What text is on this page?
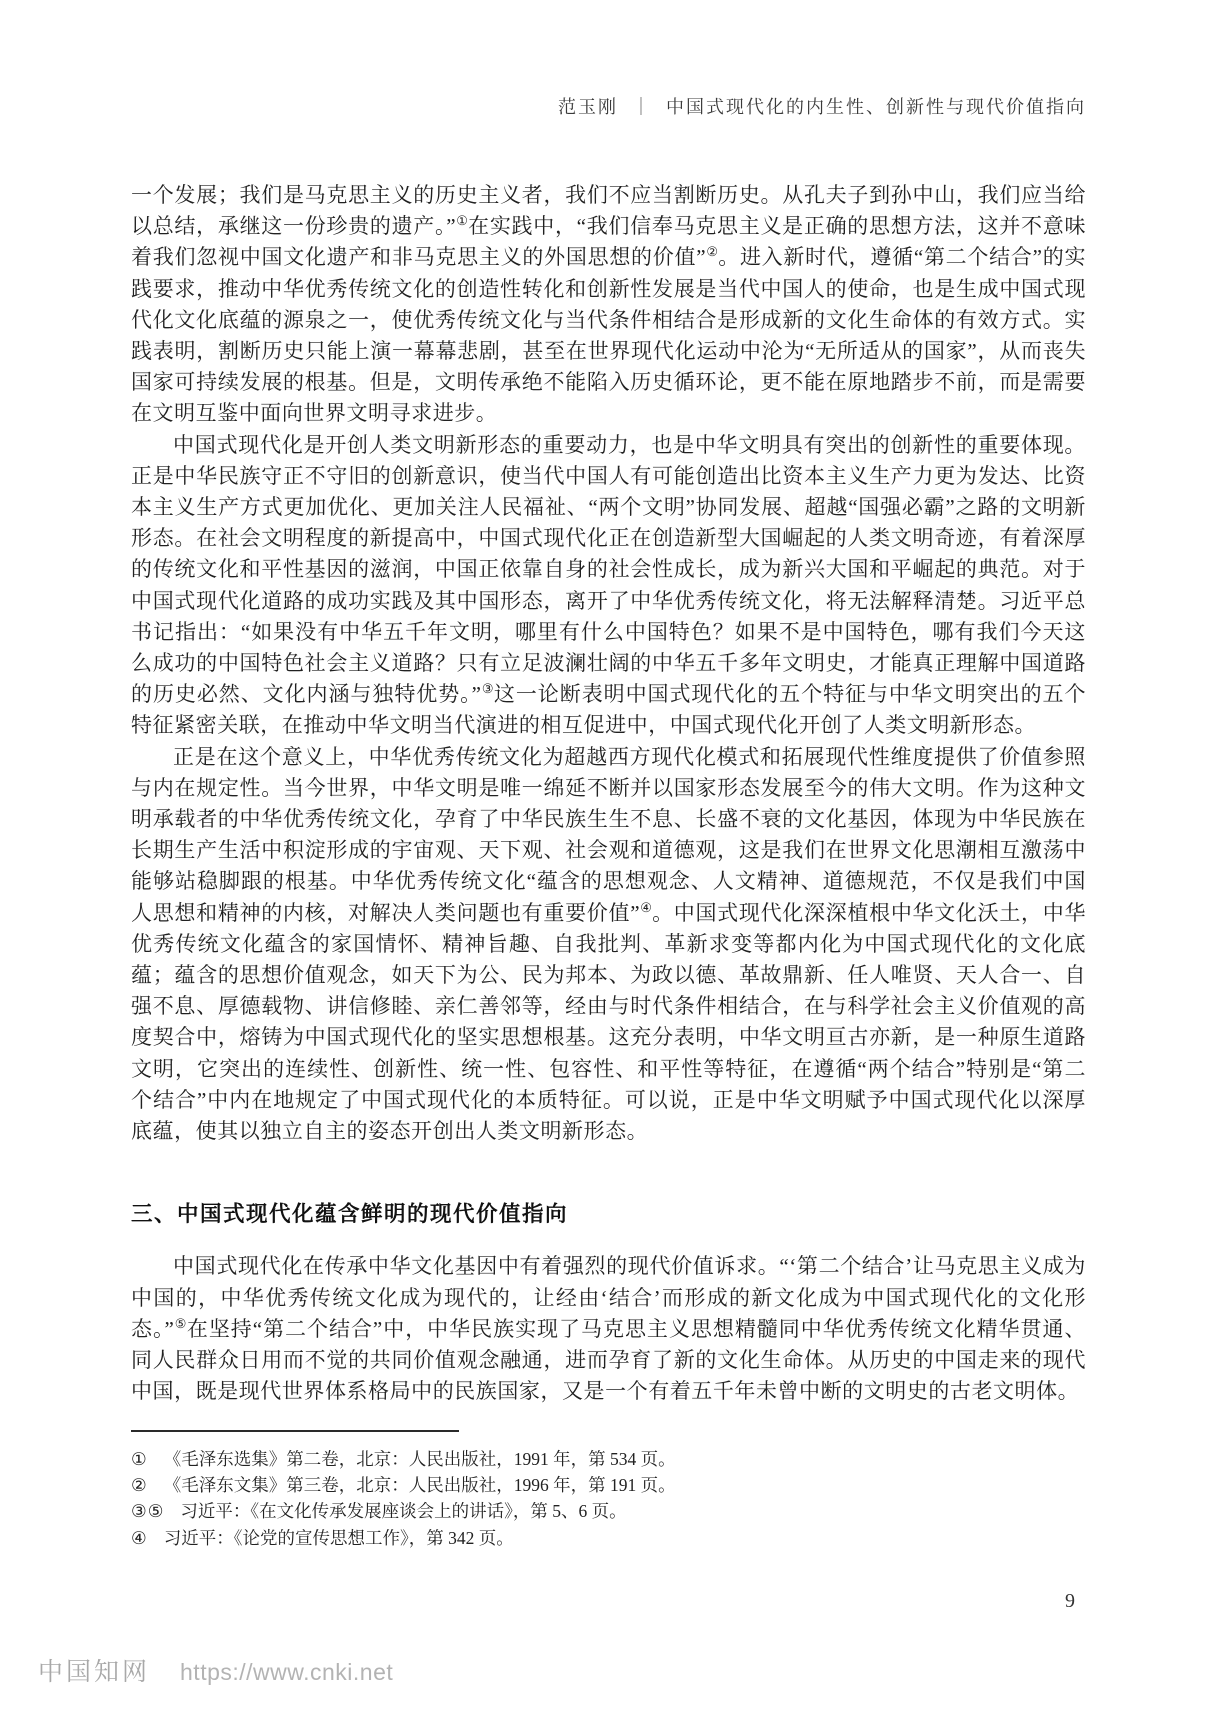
范玉刚 ｜ 中国式现代化的内生性、创新性与现代价值指向

一个发展；我们是马克思主义的历史主义者，我们不应当割断历史。从孔夫子到孙中山，我们应当给以总结，承继这一份珍贵的遗产。”①在实践中，“我们信奉马克思主义是正确的思想方法，这并不意味着我们忽视中国文化遗产和非马克思主义的外国思想的价值”②。进入新时代，遵循“第二个结合”的实践要求，推动中华优秀传统文化的创造性转化和创新性发展是当代中国人的使命，也是生成中国式现代化文化底蕴的源泉之一，使优秀传统文化与当代条件相结合是形成新的文化生命体的有效方式。实践表明，割断历史只能上演一幕幕悲剧，甚至在世界现代化运动中沦为“无所适从的国家”，从而丧失国家可持续发展的根基。但是，文明传承绝不能陷入历史循环论，更不能在原地踏步不前，而是需要在文明互鉴中面向世界文明寻求进步。

中国式现代化是开创人类文明新形态的重要动力，也是中华文明具有突出的创新性的重要体现。正是中华民族守正不守旧的创新意识，使当代中国人有可能创造出比资本主义生产力更为发达、比资本主义生产方式更加优化、更加关注人民福祉、“两个文明”协同发展、超越“国强必霸”之路的文明新形态。在社会文明程度的新提高中，中国式现代化正在创造新型大国崛起的人类文明奇迹，有着深厚的传统文化和平性基因的滋润，中国正依靠自身的社会性成长，成为新兴大国和平崛起的典范。对于中国式现代化道路的成功实践及其中国形态，离开了中华优秀传统文化，将无法解释清楚。习近平总书记指出：“如果没有中华五千年文明，哪里有什么中国特色？如果不是中国特色，哪有我们今天这么成功的中国特色社会主义道路？只有立足波澜壮阔的中华五千多年文明史，才能真正理解中国道路的历史必然、文化内涵与独特优势。”③这一论断表明中国式现代化的五个特征与中华文明突出的五个特征紧密关联，在推动中华文明当代演进的相互促进中，中国式现代化开创了人类文明新形态。

正是在这个意义上，中华优秀传统文化为超越西方现代化模式和拓展现代性维度提供了价值参照与内在规定性。当今世界，中华文明是唯一绵延不断并以国家形态发展至今的伟大文明。作为这种文明承载者的中华优秀传统文化，孕育了中华民族生生不息、长盛不衰的文化基因，体现为中华民族在长期生产生活中积淀形成的宇宙观、天下观、社会观和道德观，这是我们在世界文化思潮相互激荡中能够站稳脚跟的根基。中华优秀传统文化“蕴含的思想观念、人文精神、道德规范，不仅是我们中国人思想和精神的内核，对解决人类问题也有重要价值”④。中国式现代化深深植根中华文化沃土，中华优秀传统文化蕴含的家国情怀、精神旨趣、自我批判、革新求变等都内化为中国式现代化的文化底蕴；蕴含的思想价值观念，如天下为公、民为邦本、为政以德、革故鼎新、任人唯贤、天人合一、自强不息、厚德载物、讲信修睦、亲仁善邻等，经由与时代条件相结合，在与科学社会主义价值观的高度契合中，熔铸为中国式现代化的坚实思想根基。这充分表明，中华文明亘古亦新，是一种原生道路文明，它突出的连续性、创新性、统一性、包容性、和平性等特征，在遵循“两个结合”特别是“第二个结合”中内在地规定了中国式现代化的本质特征。可以说，正是中华文明赋予中国式现代化以深厚底蕴，使其以独立自主的姿态开创出人类文明新形态。

三、中国式现代化蕴含鲜明的现代价值指向

中国式现代化在传承中华文化基因中有着强烈的现代价值诉求。“‘第二个结合’让马克思主义成为中国的，中华优秀传统文化成为现代的，让经由‘结合’而形成的新文化成为中国式现代化的文化形态。”⑤在坚持“第二个结合”中，中华民族实现了马克思主义思想精髓同中华优秀传统文化精华贯通、同人民群众日用而不觉的共同价值观念融通，进而孕育了新的文化生命体。从历史的中国走来的现代中国，既是现代世界体系格局中的民族国家，又是一个有着五千年未曾中断的文明史的古老文明体。

① 《毛泽东选集》第二卷，北京：人民出版社，1991 年，第 534 页。
② 《毛泽东文集》第三卷，北京：人民出版社，1996 年，第 191 页。
③⑤ 习近平：《在文化传承发展座谈会上的讲话》，第 5、6 页。
④ 习近平：《论党的宣传思想工作》，第 342 页。
9
中国知网 https://www.cnki.net
